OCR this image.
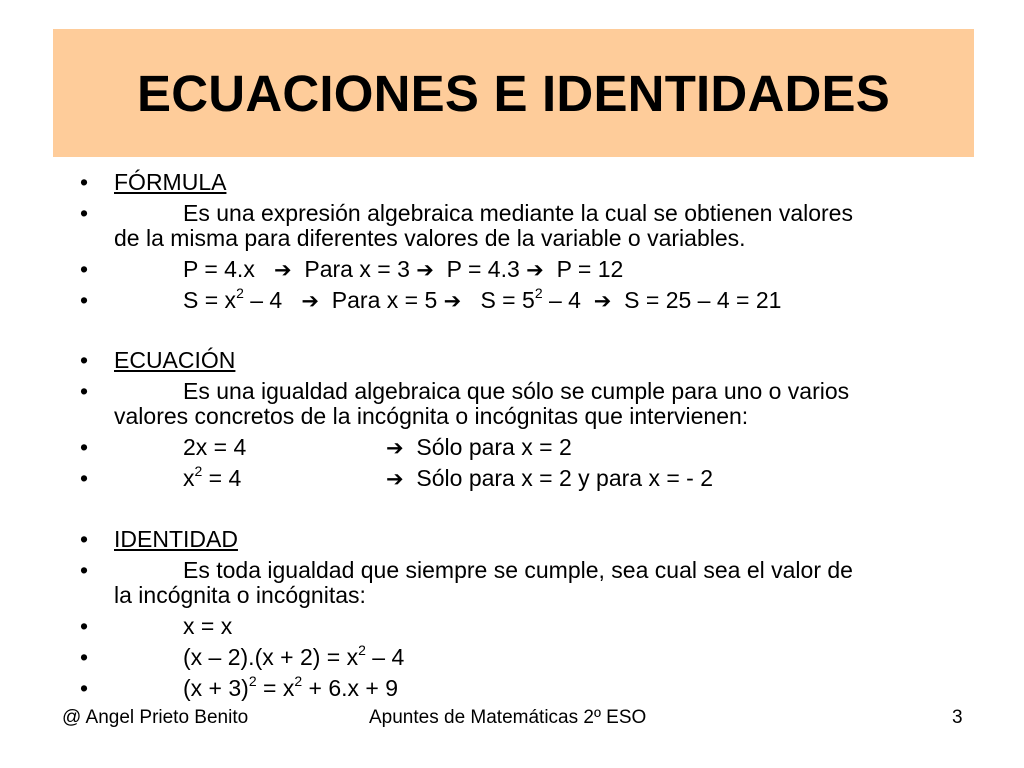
ECUACIONES E IDENTIDADES
• FÓRMULA
•	Es una expresión algebraica mediante la cual se obtienen valores
de la misma para diferentes valores de la variable o variables.
•	P = 4.x ➔ Para x = 3 ➔ P = 4.3 ➔ P = 12
•	$S = x^2 - 4$ ➔ Para x = 5 ➔ $S = 5^2 - 4$ ➔ S = 25 – 4 = 21
• ECUACIÓN
•	Es una igualdad algebraica que sólo se cumple para uno o varios
valores concretos de la incógnita o incógnitas que intervienen:
•	2x = 4	➔ Sólo para x = 2
•	$x^2 = 4$	➔ Sólo para x = 2 y para x = - 2
• IDENTIDAD
•	Es toda igualdad que siempre se cumple, sea cual sea el valor de
la incógnita o incógnitas:
•	x = x
•	$(x - 2).(x + 2) = x^2 - 4$
•	$(x + 3)^2 = x^2 + 6.x + 9$
@ Angel Prieto Benito	Apuntes de Matemáticas 2º ESO	3
